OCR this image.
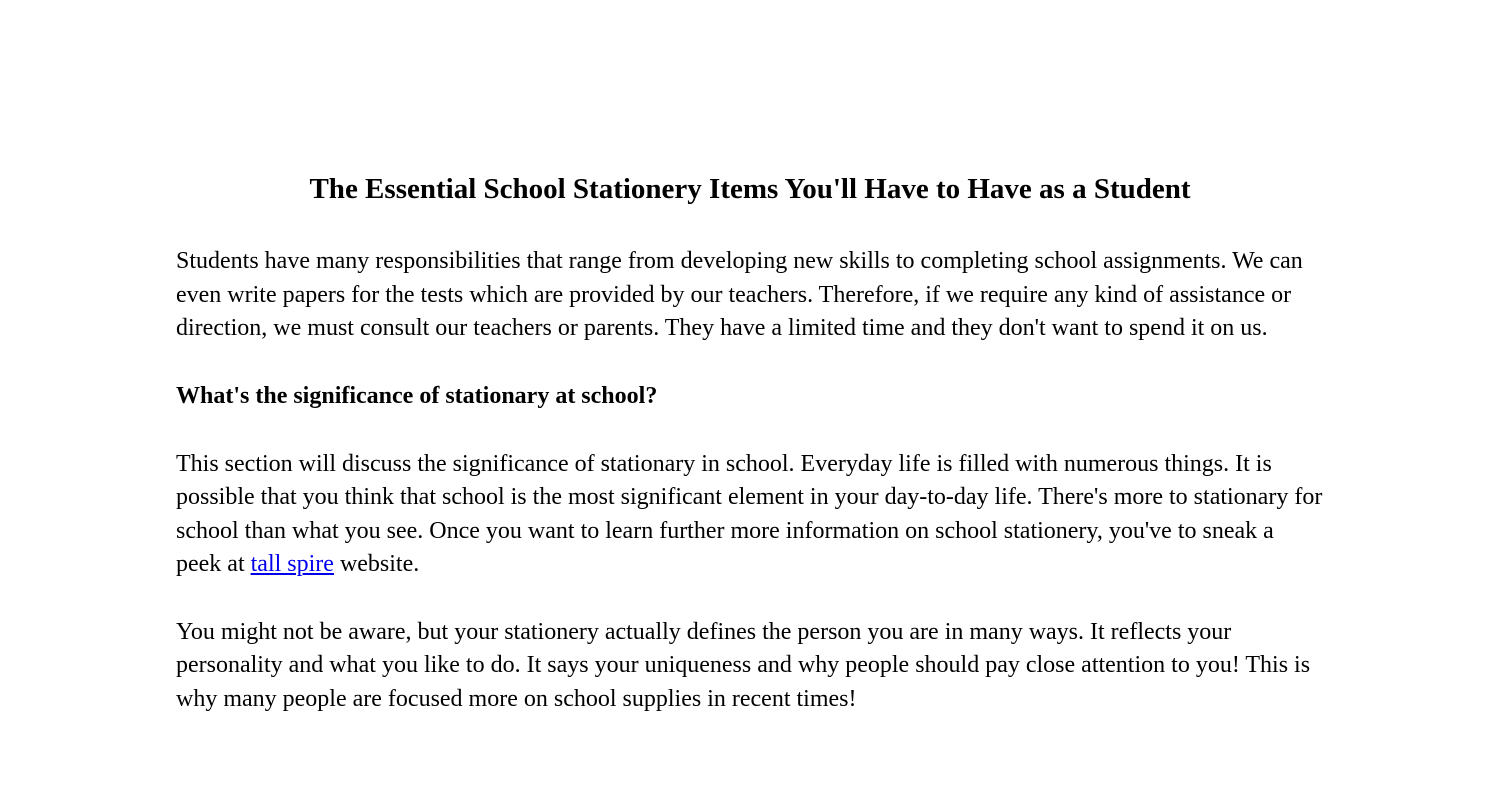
The Essential School Stationery Items You'll Have to Have as a Student

Students have many responsibilities that range from developing new skills to completing school assignments. We can even write papers for the tests which are provided by our teachers. Therefore, if we require any kind of assistance or direction, we must consult our teachers or parents. They have a limited time and they don't want to spend it on us.

What's the significance of stationary at school?

This section will discuss the significance of stationary in school. Everyday life is filled with numerous things. It is possible that you think that school is the most significant element in your day-to-day life. There's more to stationary for school than what you see. Once you want to learn further more information on school stationery, you've to sneak a peek at tall spire website.

You might not be aware, but your stationery actually defines the person you are in many ways. It reflects your personality and what you like to do. It says your uniqueness and why people should pay close attention to you! This is why many people are focused more on school supplies in recent times!
